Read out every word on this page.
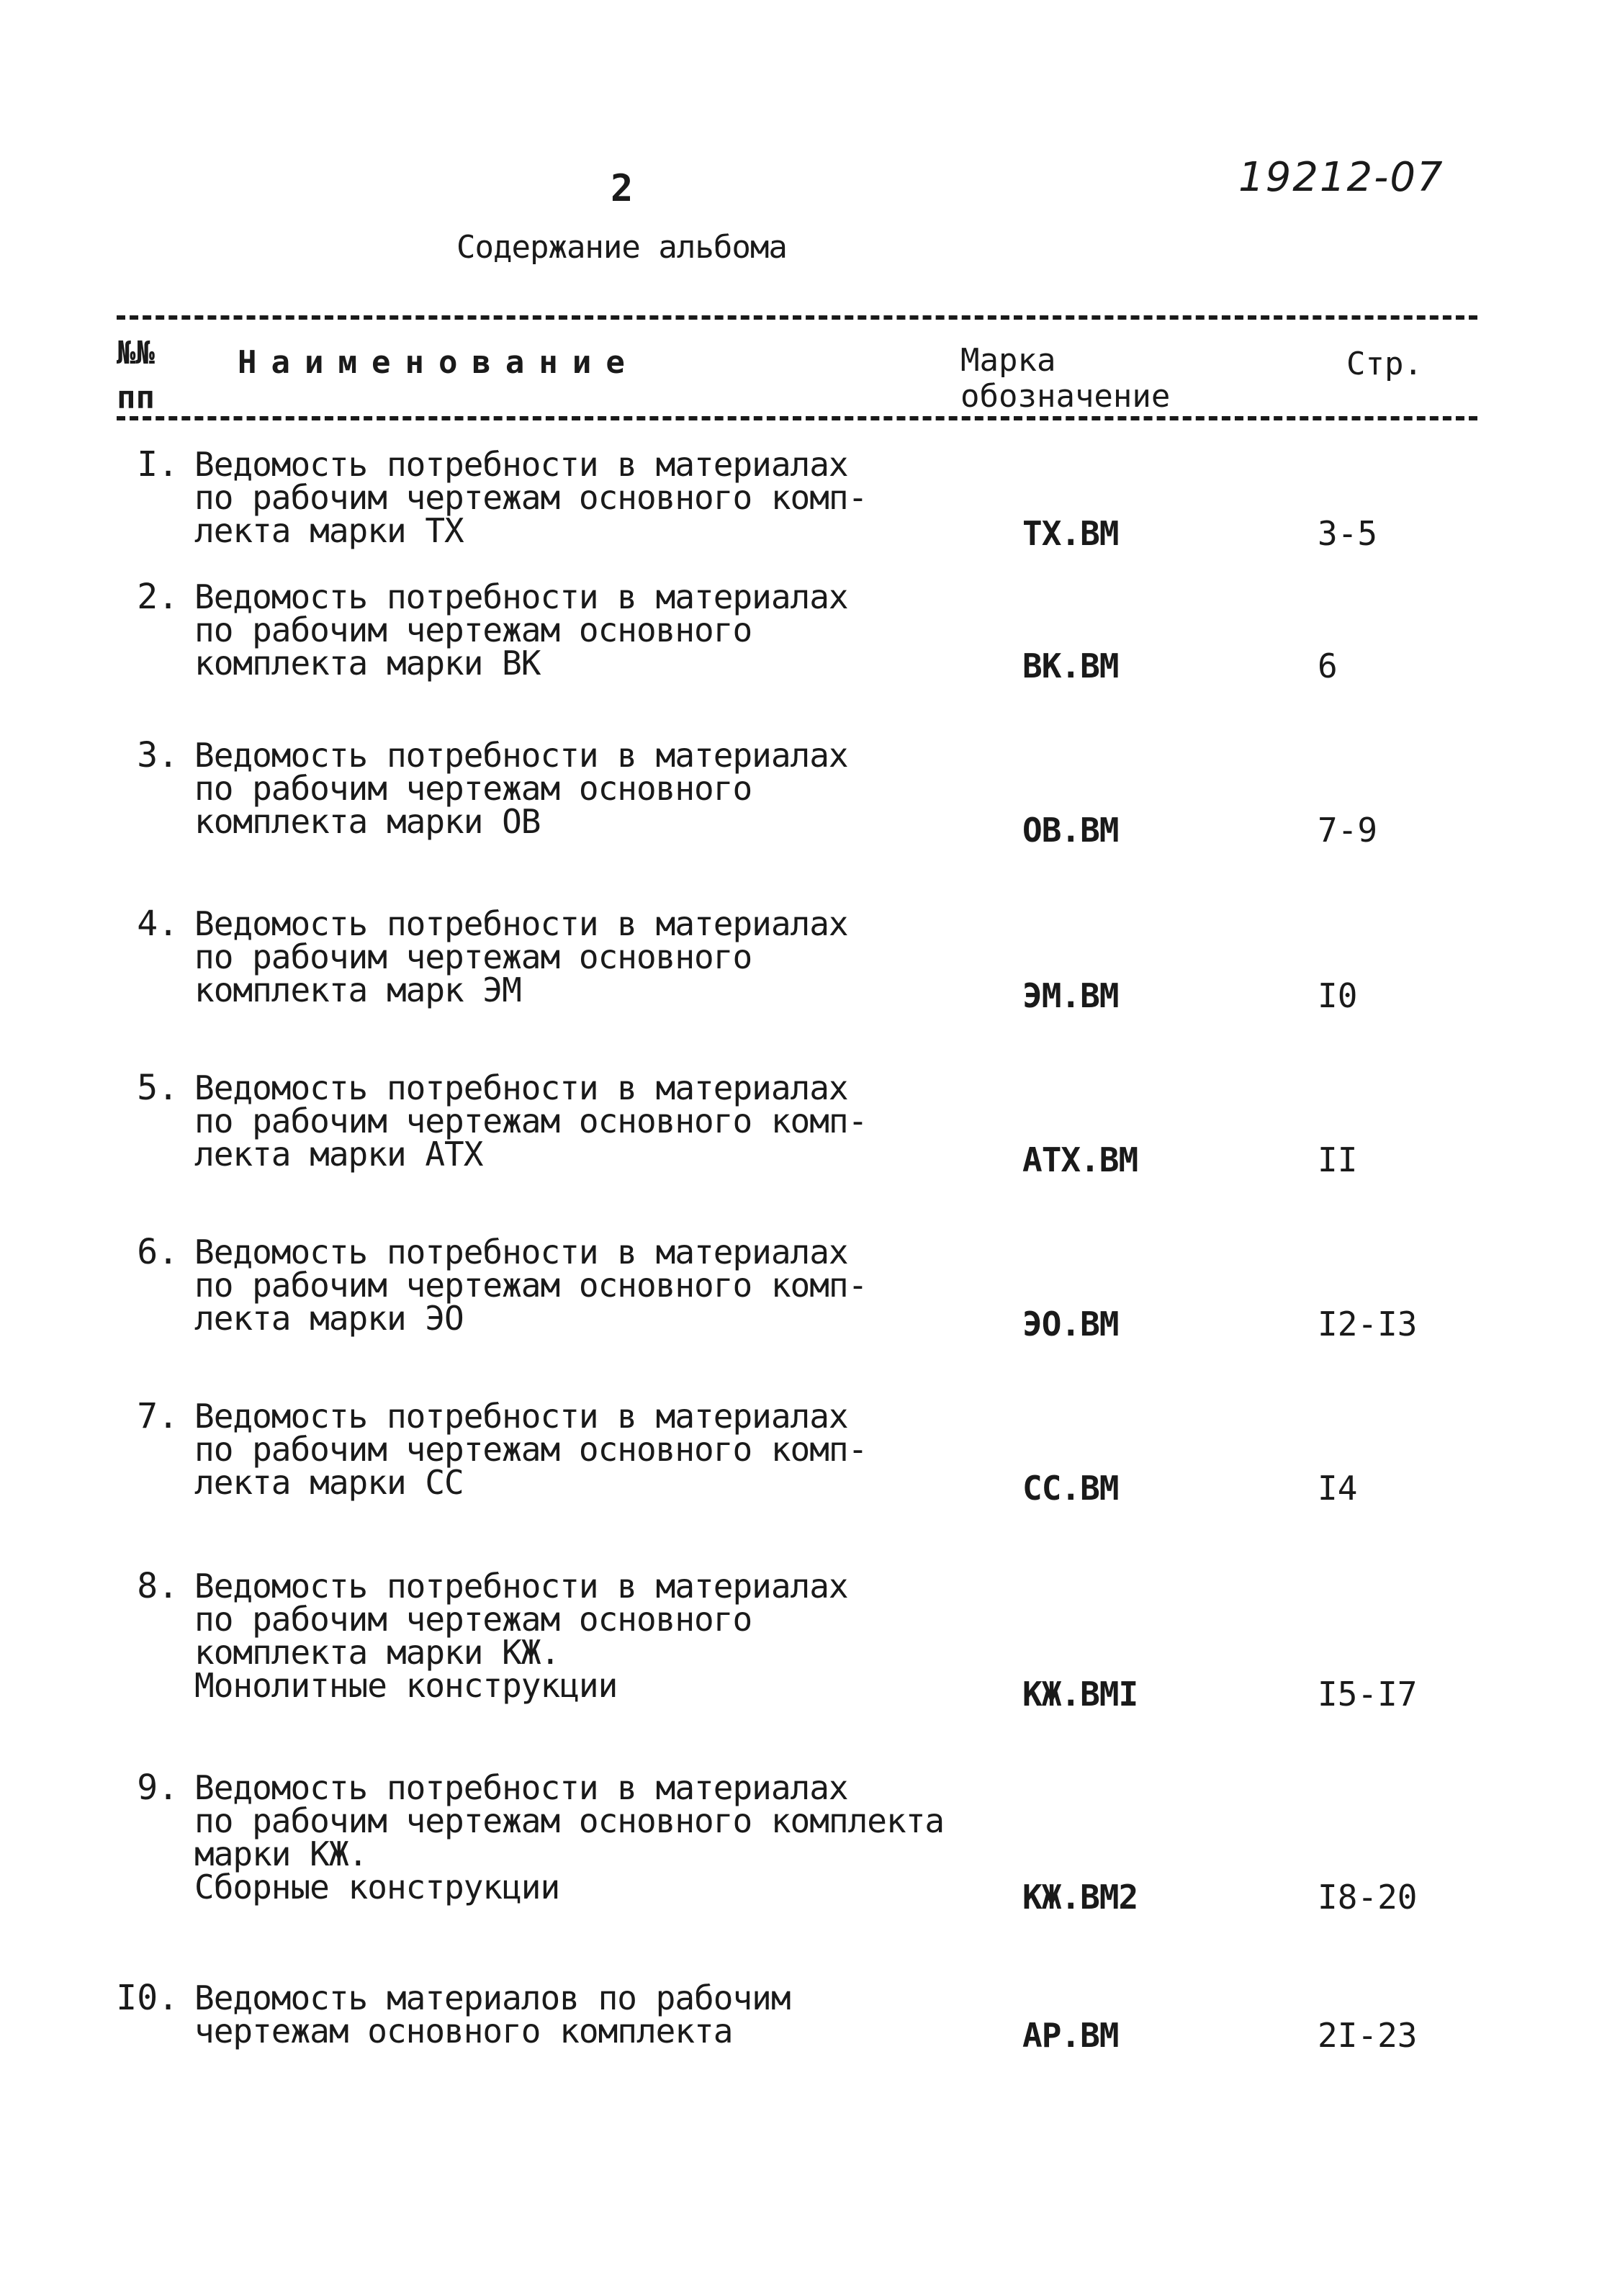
2	19212-07
Содержание альбома
№№
пп
Наименование	Марка
обозначение
Стр.
I. Ведомость потребности в материалах
по рабочим чертежам основного комп-
лекта марки ТХ	ТХ.ВМ	3-5
2. Ведомость потребности в материалах
по рабочим чертежам основного
комплекта марки ВК	ВК.ВМ	6
3. Ведомость потребности в материалах
по рабочим чертежам основного
комплекта марки ОВ	ОВ.ВМ	7-9
4. Ведомость потребности в материалах
по рабочим чертежам основного
комплекта марк ЭМ	ЭМ.ВМ	I0
5. Ведомость потребности в материалах
по рабочим чертежам основного комп-
лекта марки АТХ	АТХ.ВМ	II
6. Ведомость потребности в материалах
по рабочим чертежам основного комп-
лекта марки ЭО	ЭО.ВМ	I2-I3
7. Ведомость потребности в материалах
по рабочим чертежам основного комп-
лекта марки СС	СС.ВМ	I4
8. Ведомость потребности в материалах
по рабочим чертежам основного
комплекта марки КЖ.
Монолитные конструкции	КЖ.ВМI	I5-I7
9. Ведомость потребности в материалах
по рабочим чертежам основного комплекта
марки КЖ.
Сборные конструкции	КЖ.ВМ2	I8-20
I0. Ведомость материалов по рабочим
чертежам основного комплекта	АР.ВМ	2I-23
